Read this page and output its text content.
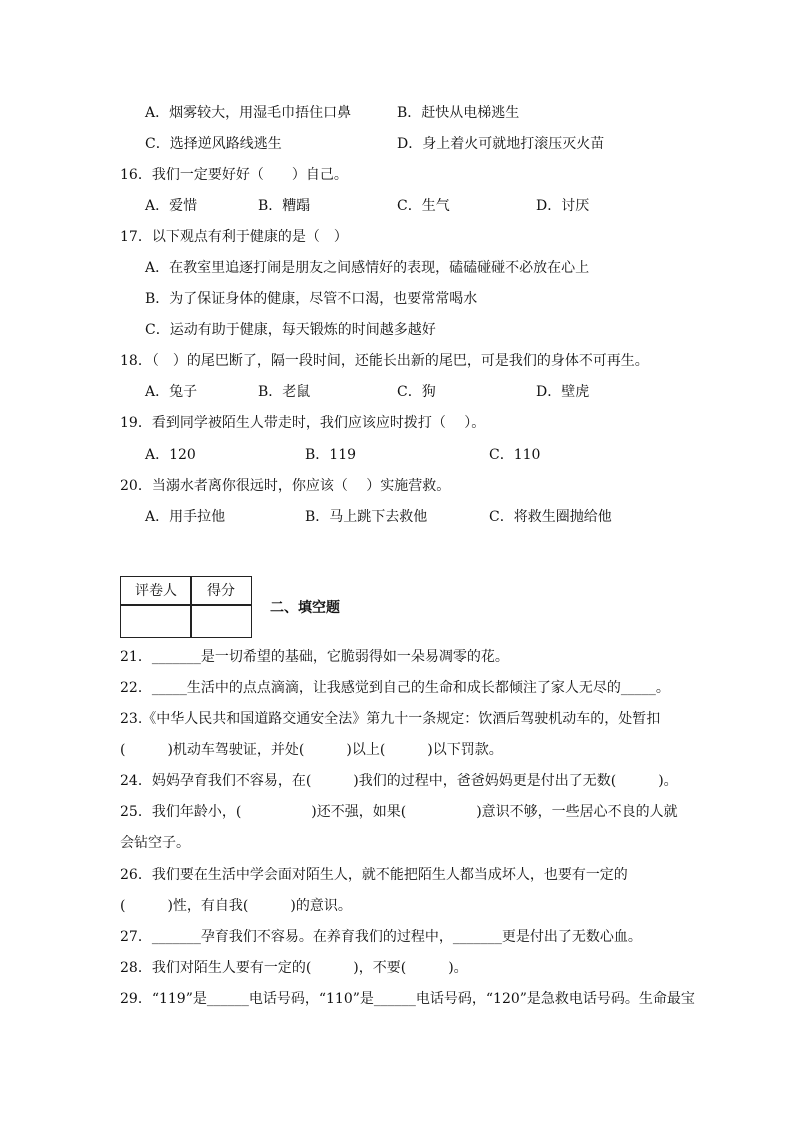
A．烟雾较大，用湿毛巾捂住口鼻	B．赶快从电梯逃生
C．选择逆风路线逃生	D．身上着火可就地打滚压灭火苗
16．我们一定要好好（　　）自己。
A．爱惜	B．糟蹋	C．生气	D．讨厌
17．以下观点有利于健康的是（　）
A．在教室里追逐打闹是朋友之间感情好的表现，磕磕碰碰不必放在心上
B．为了保证身体的健康，尽管不口渴，也要常常喝水
C．运动有助于健康，每天锻炼的时间越多越好
18．（　）的尾巴断了，隔一段时间，还能长出新的尾巴，可是我们的身体不可再生。
A．兔子	B．老鼠	C．狗	D．壁虎
19．看到同学被陌生人带走时，我们应该应时拨打（　 ）。
A．120	B．119	C．110
20．当溺水者离你很远时，你应该（　 ）实施营救。
A．用手拉他	B．马上跳下去救他	C．将救生圈抛给他
评卷人 得分
二、填空题
21．_______是一切希望的基础，它脆弱得如一朵易凋零的花。
22．_____生活中的点点滴滴，让我感觉到自己的生命和成长都倾注了家人无尽的_____。
23.《中华人民共和国道路交通安全法》第九十一条规定：饮酒后驾驶机动车的，处暂扣
(　　　)机动车驾驶证，并处(　　　)以上(　　　)以下罚款。
24．妈妈孕育我们不容易，在(　　　)我们的过程中，爸爸妈妈更是付出了无数(　　　)。
25．我们年龄小，(　　　　　)还不强，如果(　　　　　)意识不够，一些居心不良的人就
会钻空子。
26．我们要在生活中学会面对陌生人，就不能把陌生人都当成坏人，也要有一定的
(　　　)性，有自我(　　　)的意识。
27．_______孕育我们不容易。在养育我们的过程中，_______更是付出了无数心血。
28．我们对陌生人要有一定的(　　　)，不要(　　　)。
29．“119”是______电话号码，“110”是______电话号码，“120”是急救电话号码。生命最宝
